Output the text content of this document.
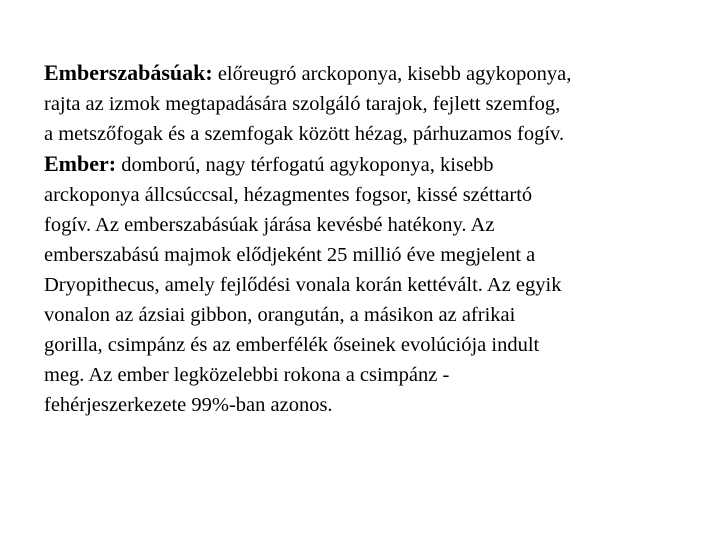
Emberszabásúak: előreugró arckoponya, kisebb agykoponya,
rajta az izmok megtapadására szolgáló tarajok, fejlett szemfog,
a metszőfogak és a szemfogak között hézag, párhuzamos fogív.
Ember: domború, nagy térfogatú agykoponya, kisebb
arckoponya állcsúccsal, hézagmentes fogsor, kissé széttartó
fogív. Az emberszabásúak járása kevésbé hatékony. Az
emberszabású majmok elődjeként 25 millió éve megjelent a
Dryopithecus, amely fejlődési vonala korán kettévált. Az egyik
vonalon az ázsiai gibbon, orangután, a másikon az afrikai
gorilla, csimpánz és az emberfélék őseinek evolúciója indult
meg. Az ember legközelebbi rokona a csimpánz -
fehérjeszerkezete 99%-ban azonos.
